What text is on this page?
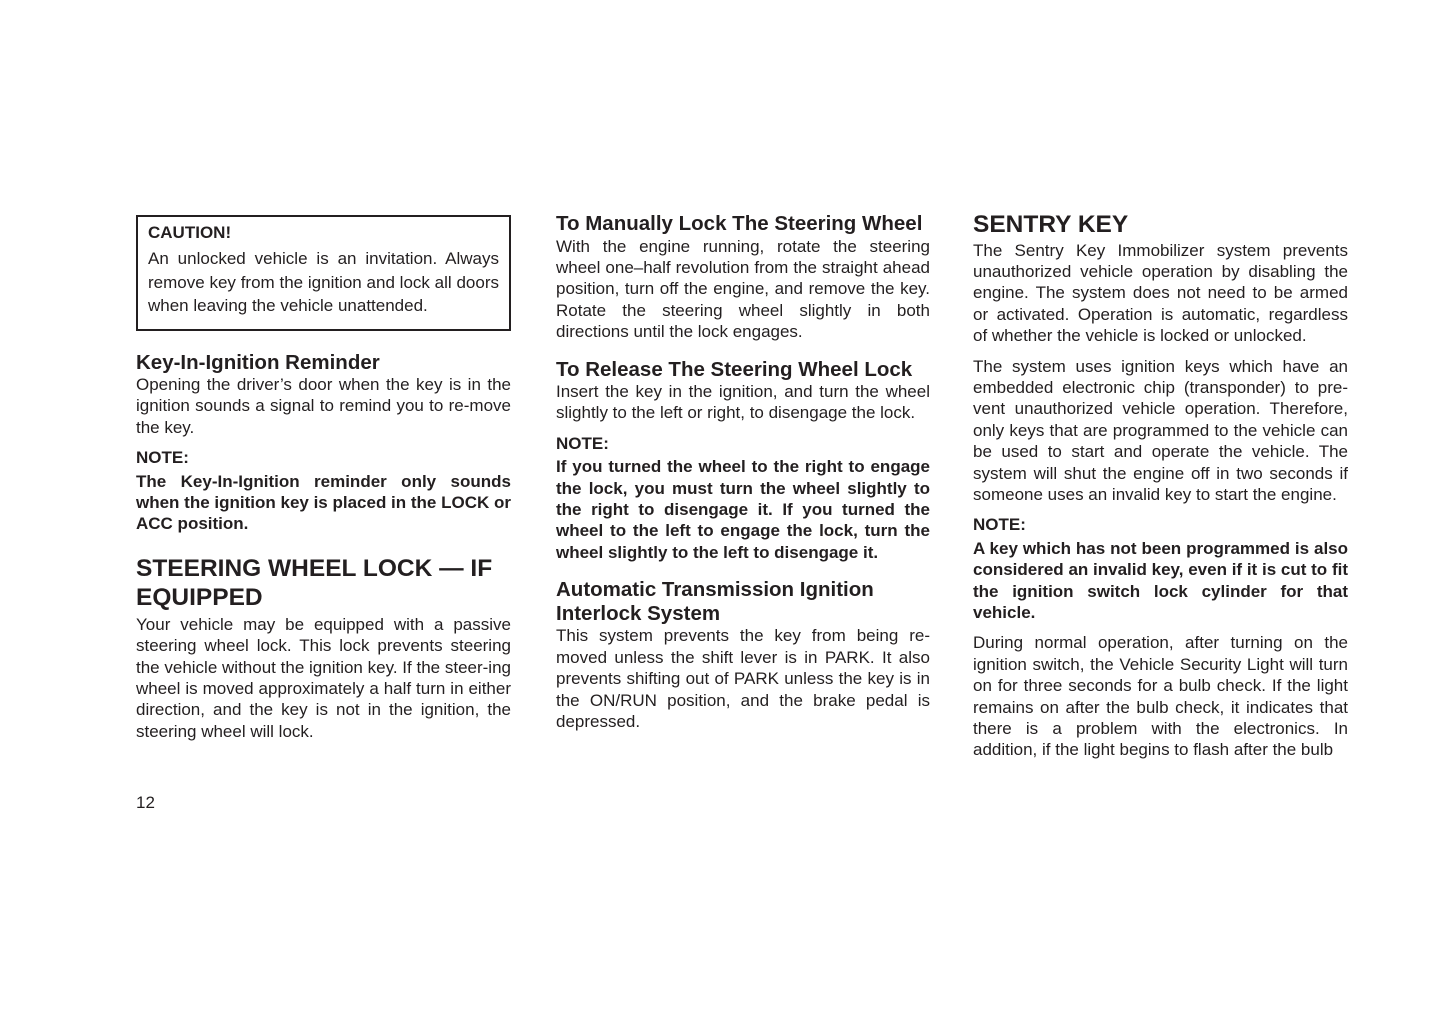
CAUTION!

An unlocked vehicle is an invitation. Always remove key from the ignition and lock all doors when leaving the vehicle unattended.

Key-In-Ignition Reminder

Opening the driver’s door when the key is in the ignition sounds a signal to remind you to re-move the key.

NOTE:

The Key-In-Ignition reminder only sounds when the ignition key is placed in the LOCK or ACC position.

STEERING WHEEL LOCK — IF EQUIPPED

Your vehicle may be equipped with a passive steering wheel lock. This lock prevents steering the vehicle without the ignition key. If the steer-ing wheel is moved approximately a half turn in either direction, and the key is not in the ignition, the steering wheel will lock.

To Manually Lock The Steering Wheel

With the engine running, rotate the steering wheel one–half revolution from the straight ahead position, turn off the engine, and remove the key. Rotate the steering wheel slightly in both directions until the lock engages.

To Release The Steering Wheel Lock

Insert the key in the ignition, and turn the wheel slightly to the left or right, to disengage the lock.

NOTE:

If you turned the wheel to the right to engage the lock, you must turn the wheel slightly to the right to disengage it. If you turned the wheel to the left to engage the lock, turn the wheel slightly to the left to disengage it.

Automatic Transmission Ignition Interlock System

This system prevents the key from being re-moved unless the shift lever is in PARK. It also prevents shifting out of PARK unless the key is in the ON/RUN position, and the brake pedal is depressed.

SENTRY KEY

The Sentry Key Immobilizer system prevents unauthorized vehicle operation by disabling the engine. The system does not need to be armed or activated. Operation is automatic, regardless of whether the vehicle is locked or unlocked.

The system uses ignition keys which have an embedded electronic chip (transponder) to pre-vent unauthorized vehicle operation. Therefore, only keys that are programmed to the vehicle can be used to start and operate the vehicle. The system will shut the engine off in two seconds if someone uses an invalid key to start the engine.

NOTE:

A key which has not been programmed is also considered an invalid key, even if it is cut to fit the ignition switch lock cylinder for that vehicle.

During normal operation, after turning on the ignition switch, the Vehicle Security Light will turn on for three seconds for a bulb check. If the light remains on after the bulb check, it indicates that there is a problem with the electronics. In addition, if the light begins to flash after the bulb

12
